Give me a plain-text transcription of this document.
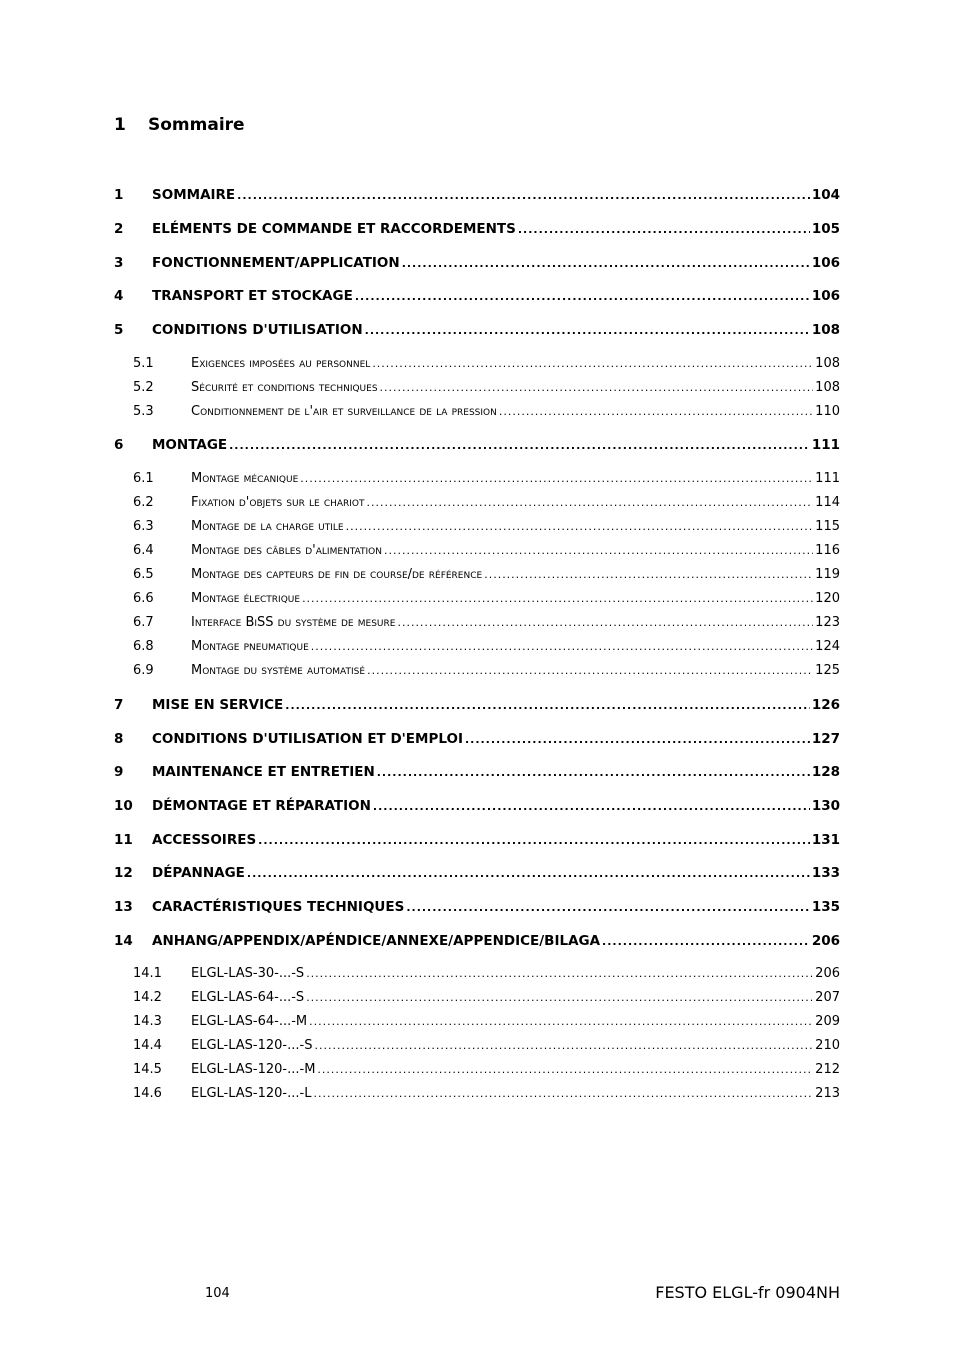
1	Sommaire
1	SOMMAIRE .....	104
2	ELÉMENTS DE COMMANDE ET RACCORDEMENTS .....	105
3	FONCTIONNEMENT/APPLICATION .....	106
4	TRANSPORT ET STOCKAGE .....	106
5	CONDITIONS D'UTILISATION .....	108
5.1	Exigences imposées au personnel .....	108
5.2	Sécurité et conditions techniques .....	108
5.3	Conditionnement de l'air et surveillance de la pression .....	110
6	MONTAGE .....	111
6.1	Montage mécanique .....	111
6.2	Fixation d'objets sur le chariot .....	114
6.3	Montage de la charge utile .....	115
6.4	Montage des câbles d'alimentation .....	116
6.5	Montage des capteurs de fin de course/de référence .....	119
6.6	Montage électrique .....	120
6.7	Interface BiSS du système de mesure .....	123
6.8	Montage pneumatique .....	124
6.9	Montage du système automatisé .....	125
7	MISE EN SERVICE .....	126
8	CONDITIONS D'UTILISATION ET D'EMPLOI .....	127
9	MAINTENANCE ET ENTRETIEN .....	128
10	DÉMONTAGE ET RÉPARATION .....	130
11	ACCESSOIRES .....	131
12	DÉPANNAGE .....	133
13	CARACTÉRISTIQUES TECHNIQUES .....	135
14	ANHANG/APPENDIX/APÉNDICE/ANNEXE/APPENDICE/BILAGA .....	206
14.1	ELGL-LAS-30-...-S .....	206
14.2	ELGL-LAS-64-...-S .....	207
14.3	ELGL-LAS-64-...-M .....	209
14.4	ELGL-LAS-120-...-S .....	210
14.5	ELGL-LAS-120-...-M .....	212
14.6	ELGL-LAS-120-...-L .....	213
104	FESTO ELGL-fr 0904NH
